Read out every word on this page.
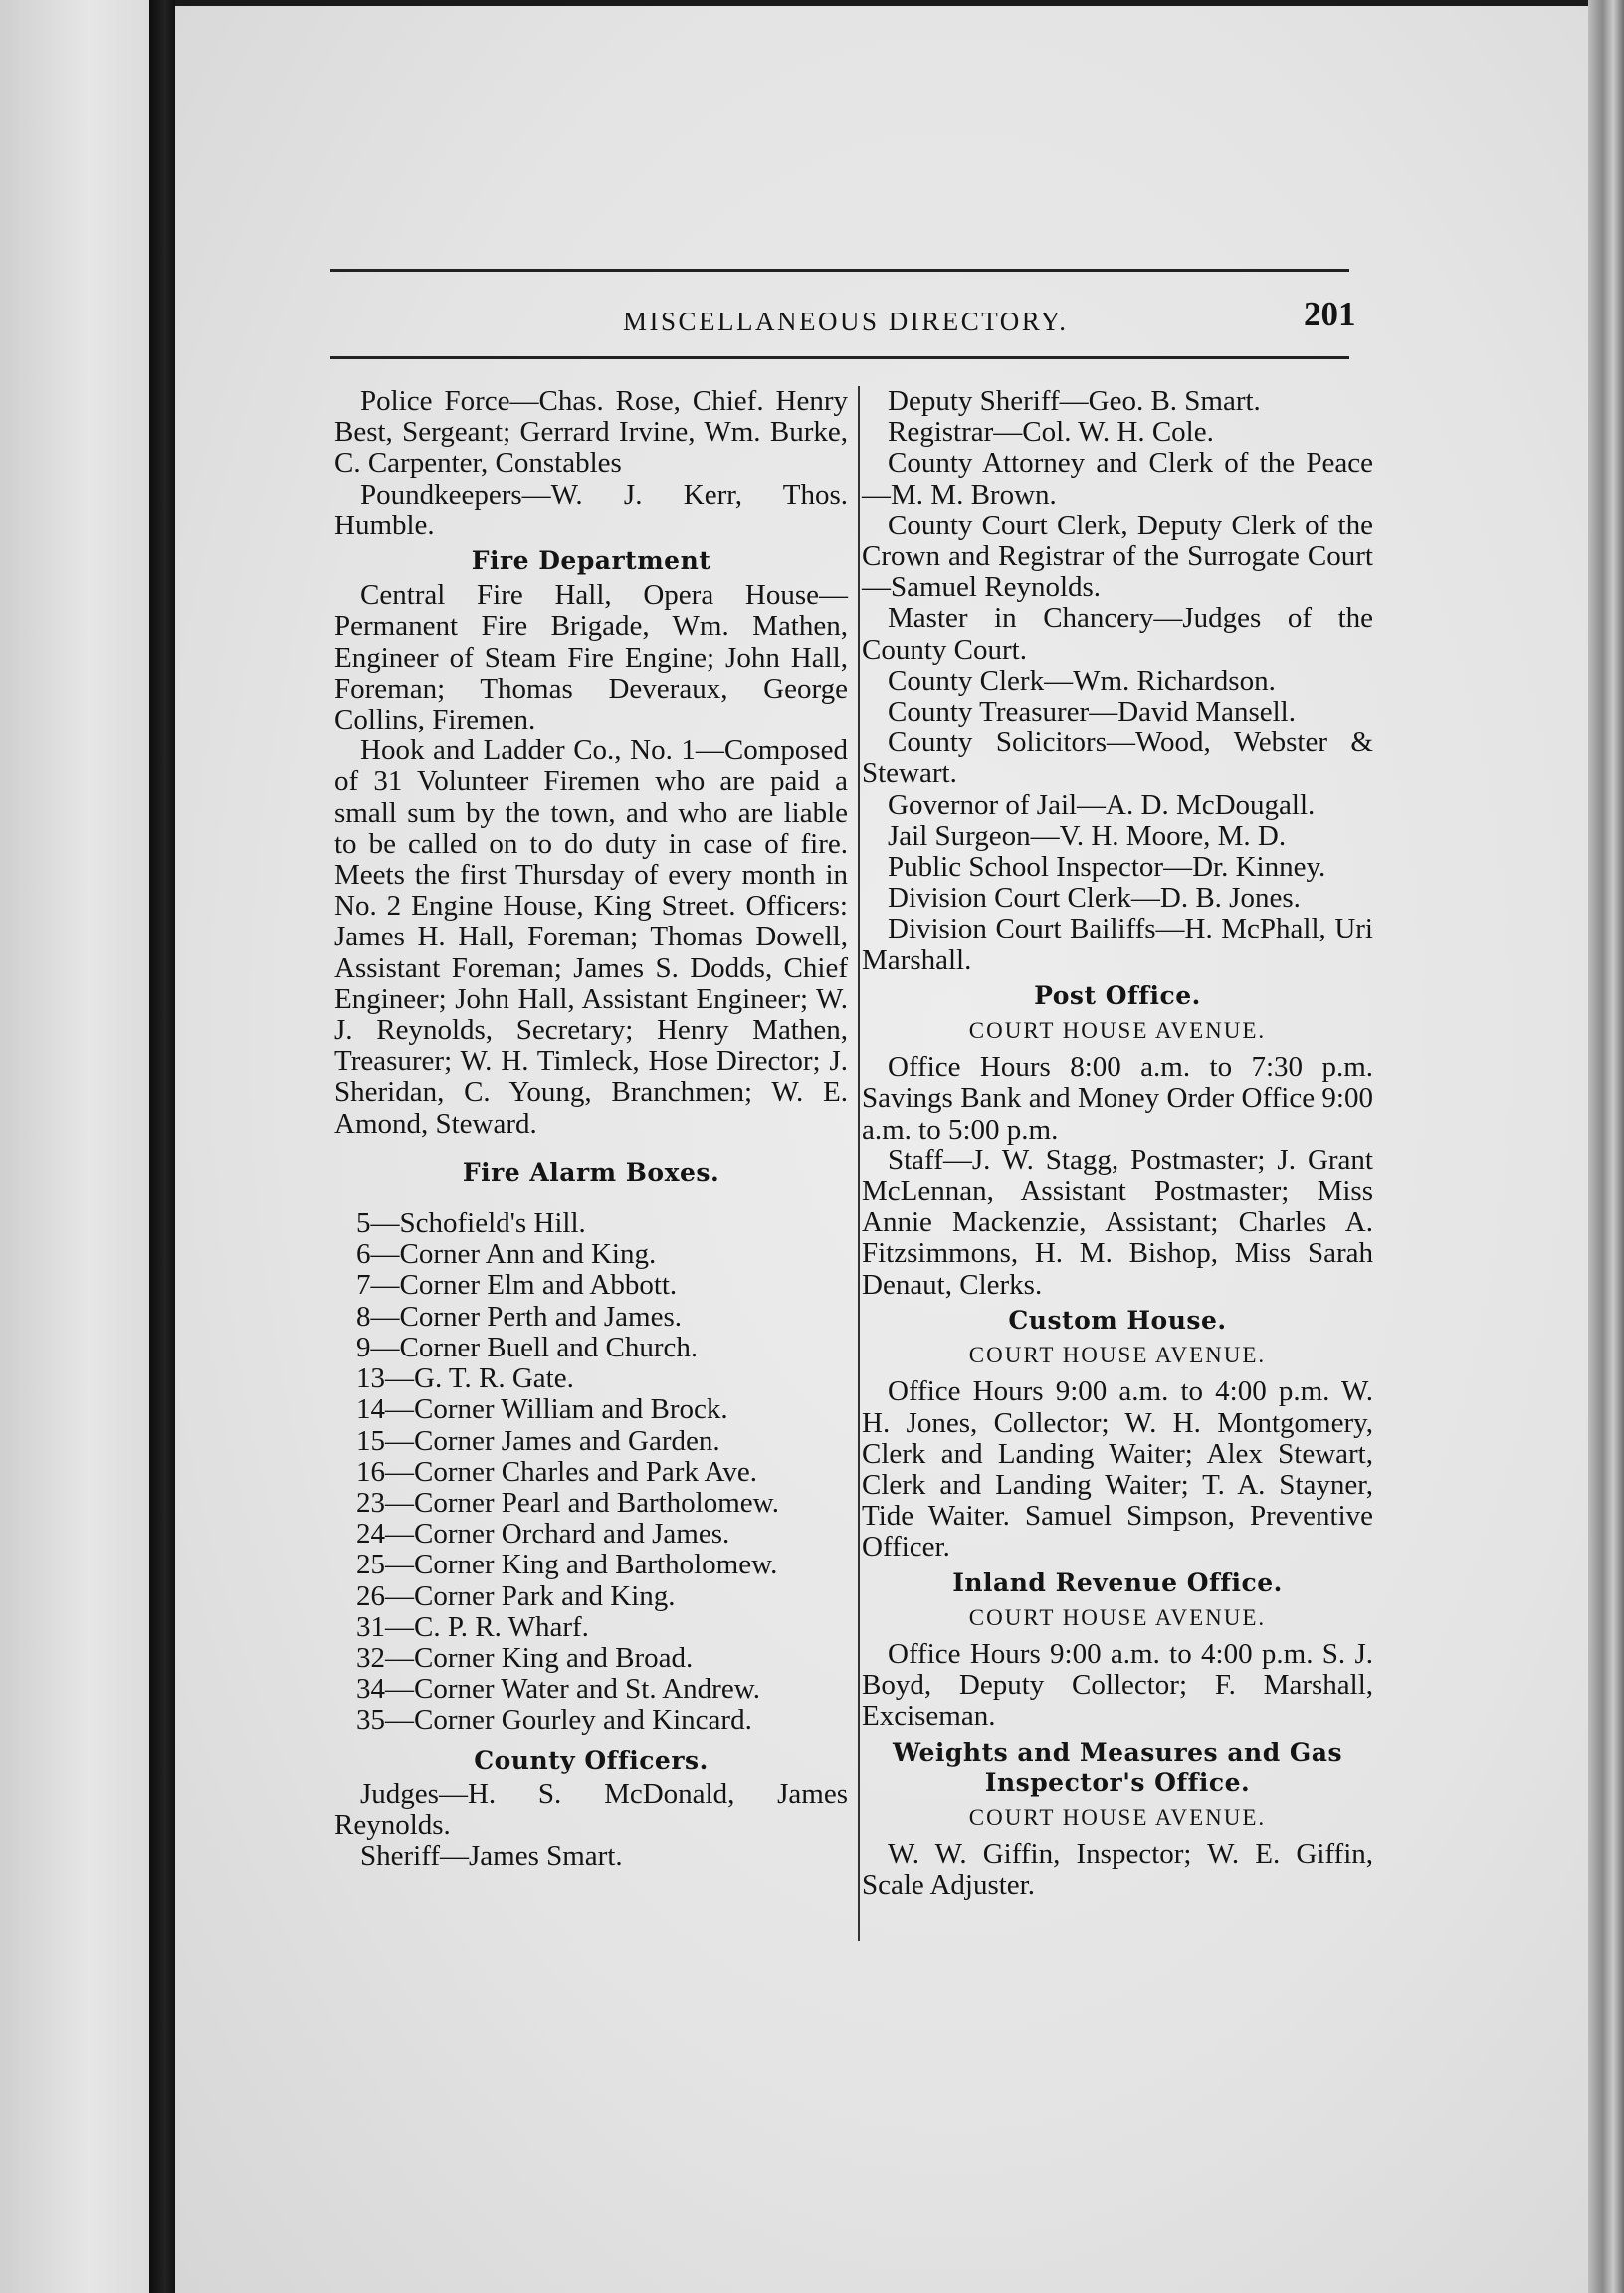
MISCELLANEOUS DIRECTORY.	201

Police Force—Chas. Rose, Chief. Henry Best, Sergeant; Gerrard Irvine, Wm. Burke, C. Carpenter, Constables

Poundkeepers—W. J. Kerr, Thos. Humble.

Fire Department

Central Fire Hall, Opera House—Permanent Fire Brigade, Wm. Mathen, Engineer of Steam Fire Engine; John Hall, Foreman; Thomas Deveraux, George Collins, Firemen.

Hook and Ladder Co., No. 1—Composed of 31 Volunteer Firemen who are paid a small sum by the town, and who are liable to be called on to do duty in case of fire. Meets the first Thursday of every month in No. 2 Engine House, King Street. Officers: James H. Hall, Foreman; Thomas Dowell, Assistant Foreman; James S. Dodds, Chief Engineer; John Hall, Assistant Engineer; W. J. Reynolds, Secretary; Henry Mathen, Treasurer; W. H. Timleck, Hose Director; J. Sheridan, C. Young, Branchmen; W. E. Amond, Steward.

Fire Alarm Boxes.
5—Schofield's Hill.
6—Corner Ann and King.
7—Corner Elm and Abbott.
8—Corner Perth and James.
9—Corner Buell and Church.
13—G. T. R. Gate.
14—Corner William and Brock.
15—Corner James and Garden.
16—Corner Charles and Park Ave.
23—Corner Pearl and Bartholomew.
24—Corner Orchard and James.
25—Corner King and Bartholomew.
26—Corner Park and King.
31—C. P. R. Wharf.
32—Corner King and Broad.
34—Corner Water and St. Andrew.
35—Corner Gourley and Kincard.
County Officers.

Judges—H. S. McDonald, James Reynolds.

Sheriff—James Smart.

Deputy Sheriff—Geo. B. Smart.

Registrar—Col. W. H. Cole.

County Attorney and Clerk of the Peace—M. M. Brown.

County Court Clerk, Deputy Clerk of the Crown and Registrar of the Surrogate Court—Samuel Reynolds.

Master in Chancery—Judges of the County Court.

County Clerk—Wm. Richardson.

County Treasurer—David Mansell.

County Solicitors—Wood, Webster & Stewart.

Governor of Jail—A. D. McDougall.

Jail Surgeon—V. H. Moore, M. D.

Public School Inspector—Dr. Kinney.

Division Court Clerk—D. B. Jones.

Division Court Bailiffs—H. McPhall, Uri Marshall.

Post Office.
COURT HOUSE AVENUE.

Office Hours 8:00 a.m. to 7:30 p.m. Savings Bank and Money Order Office 9:00 a.m. to 5:00 p.m.

Staff—J. W. Stagg, Postmaster; J. Grant McLennan, Assistant Postmaster; Miss Annie Mackenzie, Assistant; Charles A. Fitzsimmons, H. M. Bishop, Miss Sarah Denaut, Clerks.

Custom House.
COURT HOUSE AVENUE.

Office Hours 9:00 a.m. to 4:00 p.m. W. H. Jones, Collector; W. H. Montgomery, Clerk and Landing Waiter; Alex Stewart, Clerk and Landing Waiter; T. A. Stayner, Tide Waiter. Samuel Simpson, Preventive Officer.

Inland Revenue Office.
COURT HOUSE AVENUE.

Office Hours 9:00 a.m. to 4:00 p.m. S. J. Boyd, Deputy Collector; F. Marshall, Exciseman.

Weights and Measures and Gas Inspector's Office.
COURT HOUSE AVENUE.

W. W. Giffin, Inspector; W. E. Giffin, Scale Adjuster.
